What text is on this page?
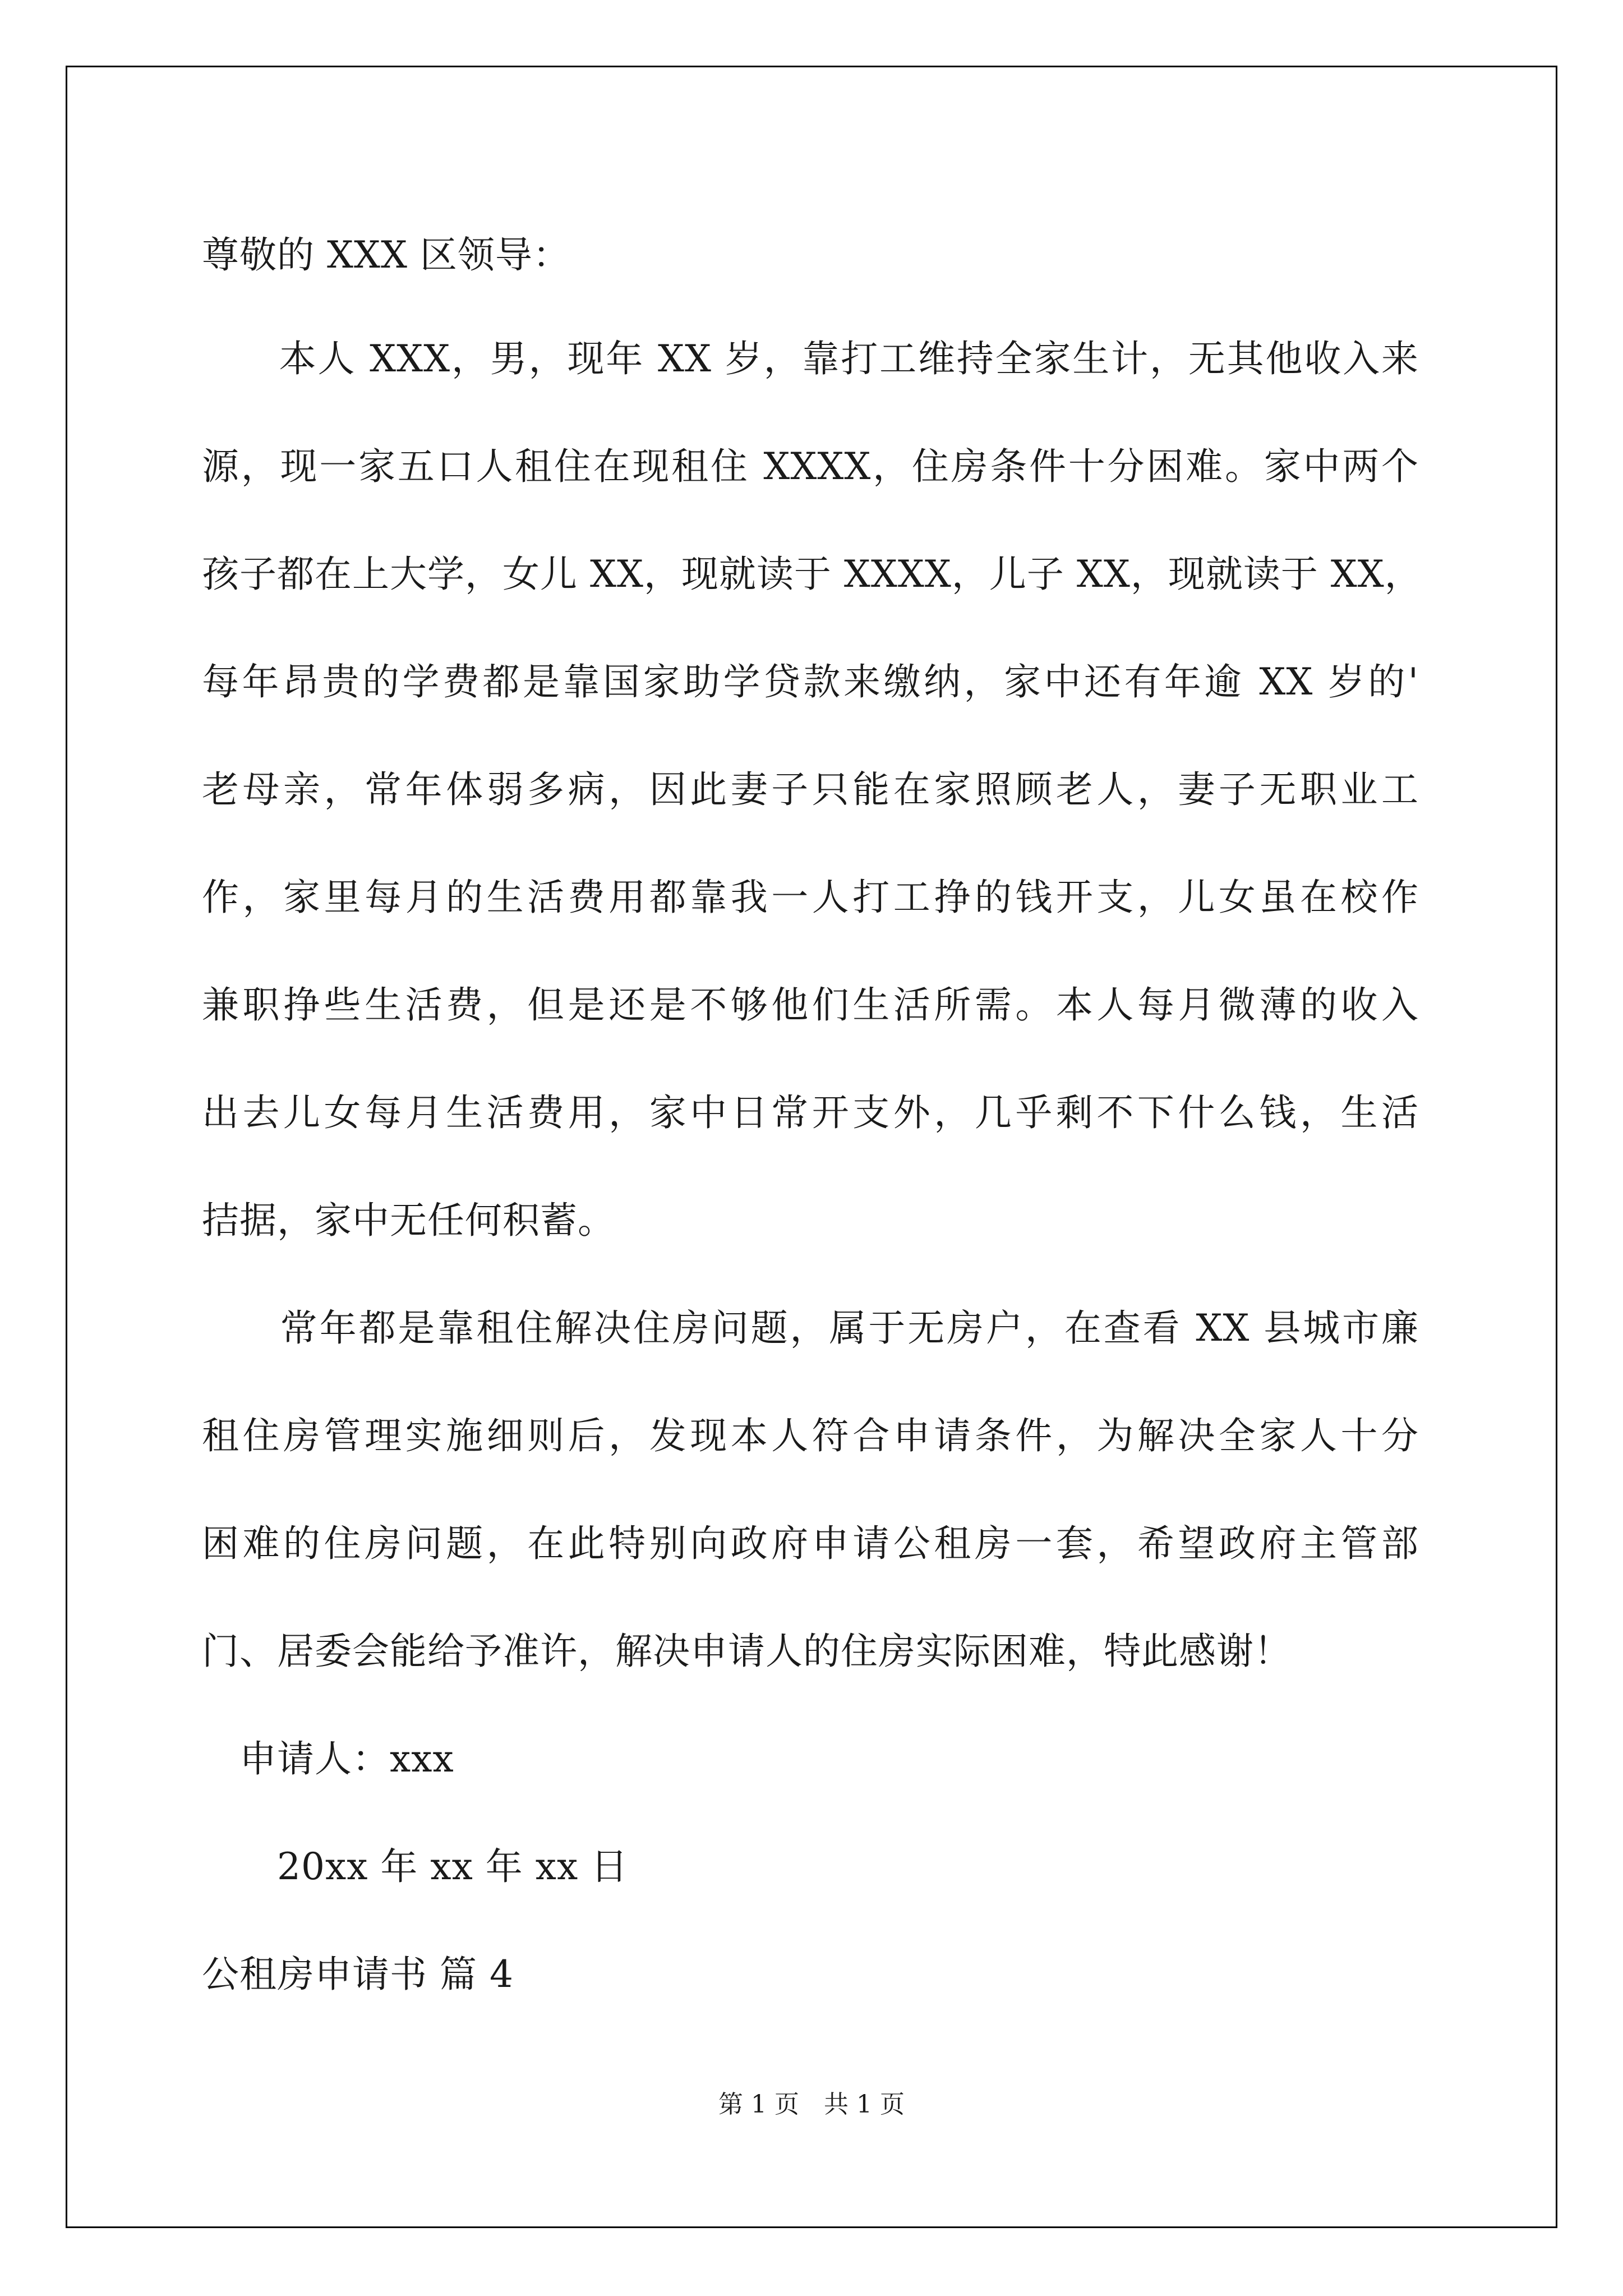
尊敬的 XXX 区领导：
　　本人 XXX，男，现年 XX 岁，靠打工维持全家生计，无其他收入来
源，现一家五口人租住在现租住 XXXX，住房条件十分困难。家中两个
孩子都在上大学，女儿 XX，现就读于 XXXX，儿子 XX，现就读于 XX，
每年昂贵的学费都是靠国家助学贷款来缴纳，家中还有年逾 XX 岁的'
老母亲，常年体弱多病，因此妻子只能在家照顾老人，妻子无职业工
作，家里每月的生活费用都靠我一人打工挣的钱开支，儿女虽在校作
兼职挣些生活费，但是还是不够他们生活所需。本人每月微薄的收入
出去儿女每月生活费用，家中日常开支外，几乎剩不下什么钱，生活
拮据，家中无任何积蓄。
　　常年都是靠租住解决住房问题，属于无房户，在查看 XX 县城市廉
租住房管理实施细则后，发现本人符合申请条件，为解决全家人十分
困难的住房问题，在此特别向政府申请公租房一套，希望政府主管部
门、居委会能给予准许，解决申请人的住房实际困难，特此感谢！
　申请人：xxx
第 1 页　共 1 页
　　20xx 年 xx 年 xx 日
公租房申请书 篇 4
